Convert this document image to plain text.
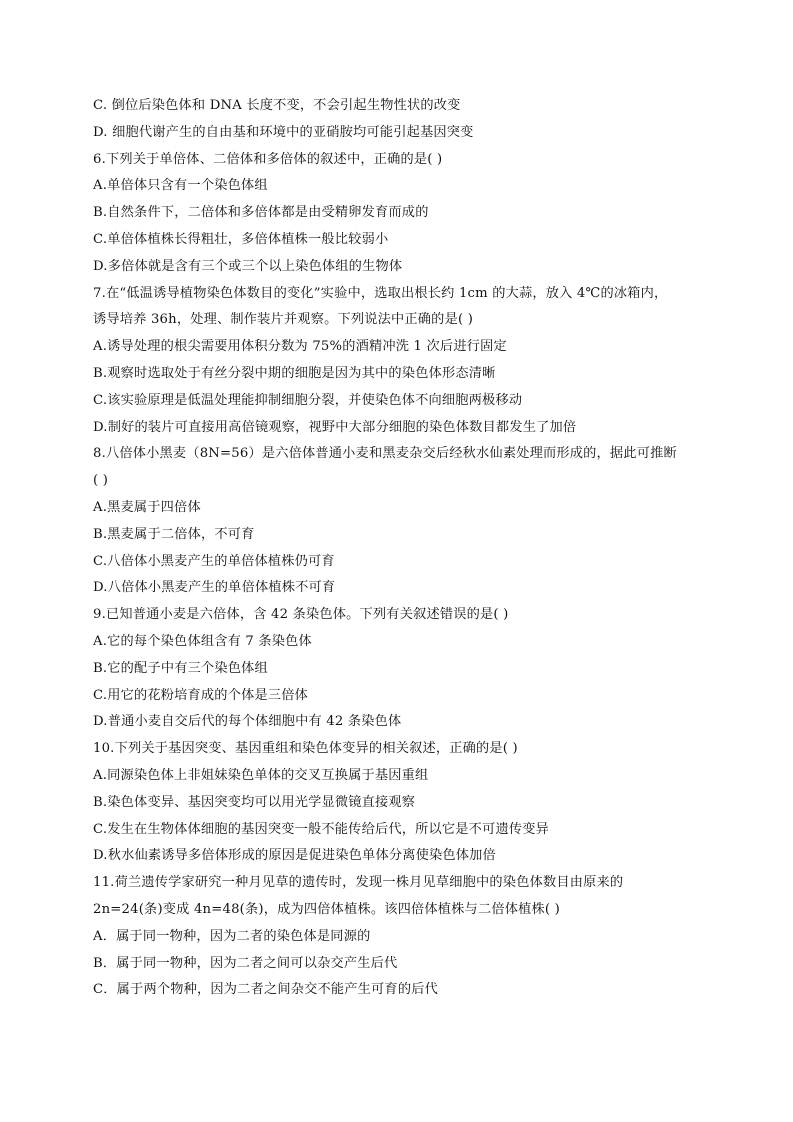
C. 倒位后染色体和 DNA 长度不变，不会引起生物性状的改变
D. 细胞代谢产生的自由基和环境中的亚硝胺均可能引起基因突变
6.下列关于单倍体、二倍体和多倍体的叙述中，正确的是( )
A.单倍体只含有一个染色体组
B.自然条件下，二倍体和多倍体都是由受精卵发育而成的
C.单倍体植株长得粗壮，多倍体植株一般比较弱小
D.多倍体就是含有三个或三个以上染色体组的生物体
7.在“低温诱导植物染色体数目的变化”实验中，选取出根长约 1cm 的大蒜，放入 4℃的冰箱内，
诱导培养 36h，处理、制作装片并观察。下列说法中正确的是( )
A.诱导处理的根尖需要用体积分数为 75%的酒精冲洗 1 次后进行固定
B.观察时选取处于有丝分裂中期的细胞是因为其中的染色体形态清晰
C.该实验原理是低温处理能抑制细胞分裂，并使染色体不向细胞两极移动
D.制好的装片可直接用高倍镜观察，视野中大部分细胞的染色体数目都发生了加倍
8.八倍体小黑麦（8N=56）是六倍体普通小麦和黑麦杂交后经秋水仙素处理而形成的，据此可推断
( )
A.黑麦属于四倍体
B.黑麦属于二倍体，不可育
C.八倍体小黑麦产生的单倍体植株仍可育
D.八倍体小黑麦产生的单倍体植株不可育
9.已知普通小麦是六倍体，含 42 条染色体。下列有关叙述错误的是( )
A.它的每个染色体组含有 7 条染色体
B.它的配子中有三个染色体组
C.用它的花粉培育成的个体是三倍体
D.普通小麦自交后代的每个体细胞中有 42 条染色体
10.下列关于基因突变、基因重组和染色体变异的相关叙述，正确的是( )
A.同源染色体上非姐妹染色单体的交叉互换属于基因重组
B.染色体变异、基因突变均可以用光学显微镜直接观察
C.发生在生物体体细胞的基因突变一般不能传给后代，所以它是不可遗传变异
D.秋水仙素诱导多倍体形成的原因是促进染色单体分离使染色体加倍
11.荷兰遗传学家研究一种月见草的遗传时，发现一株月见草细胞中的染色体数目由原来的
2n=24(条)变成 4n=48(条)，成为四倍体植株。该四倍体植株与二倍体植株( )
A．属于同一物种，因为二者的染色体是同源的
B．属于同一物种，因为二者之间可以杂交产生后代
C．属于两个物种，因为二者之间杂交不能产生可育的后代
